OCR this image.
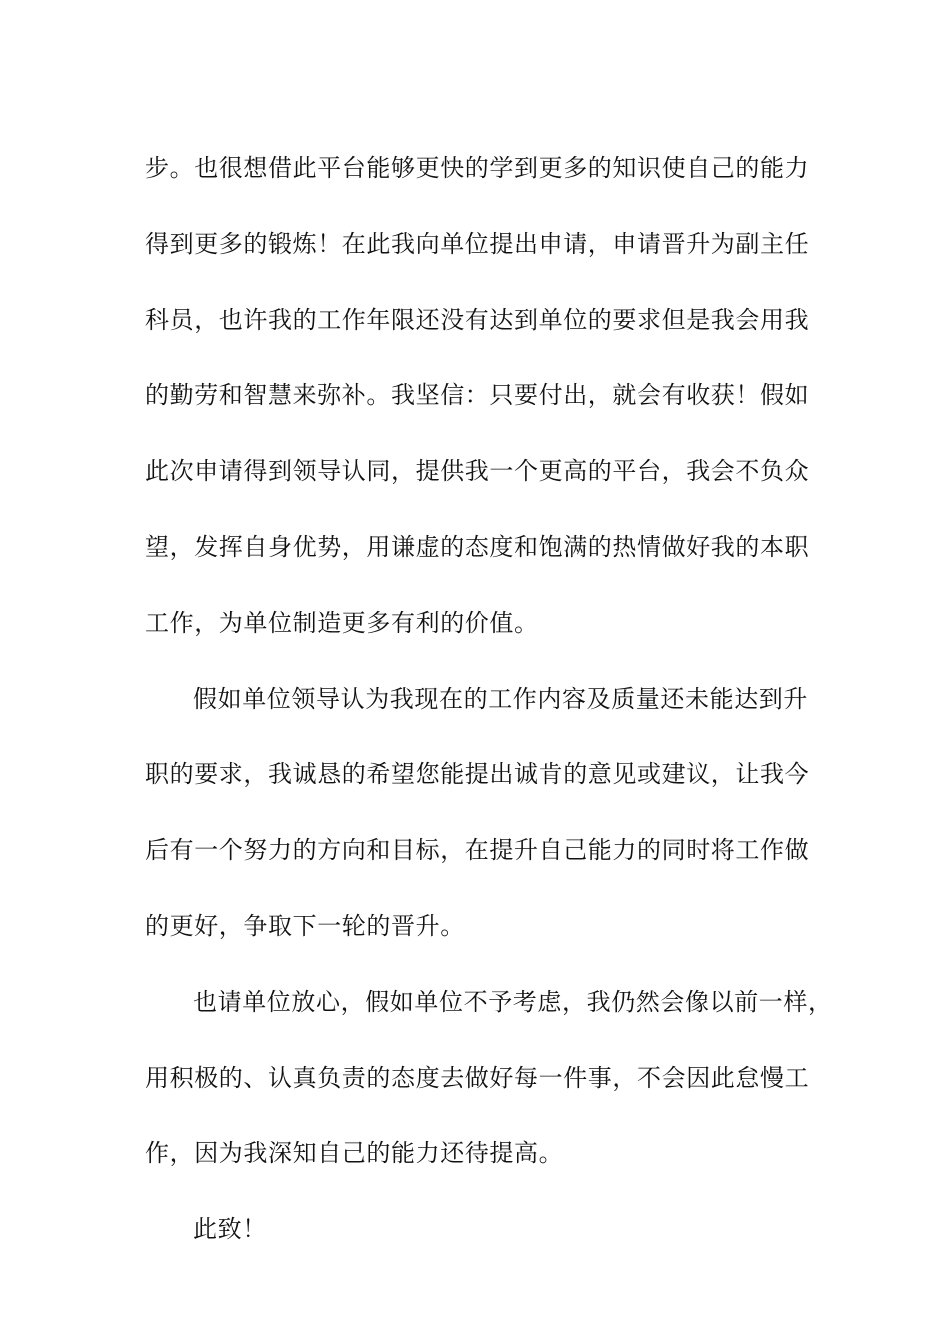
步。也很想借此平台能够更快的学到更多的知识使自己的能力
得到更多的锻炼！在此我向单位提出申请，申请晋升为副主任
科员，也许我的工作年限还没有达到单位的要求但是我会用我
的勤劳和智慧来弥补。我坚信：只要付出，就会有收获！假如
此次申请得到领导认同，提供我一个更高的平台，我会不负众
望，发挥自身优势，用谦虚的态度和饱满的热情做好我的本职
工作，为单位制造更多有利的价值。
假如单位领导认为我现在的工作内容及质量还未能达到升
职的要求，我诚恳的希望您能提出诚肯的意见或建议，让我今
后有一个努力的方向和目标，在提升自己能力的同时将工作做
的更好，争取下一轮的晋升。
也请单位放心，假如单位不予考虑，我仍然会像以前一样，
用积极的、认真负责的态度去做好每一件事，不会因此怠慢工
作，因为我深知自己的能力还待提高。
此致！
